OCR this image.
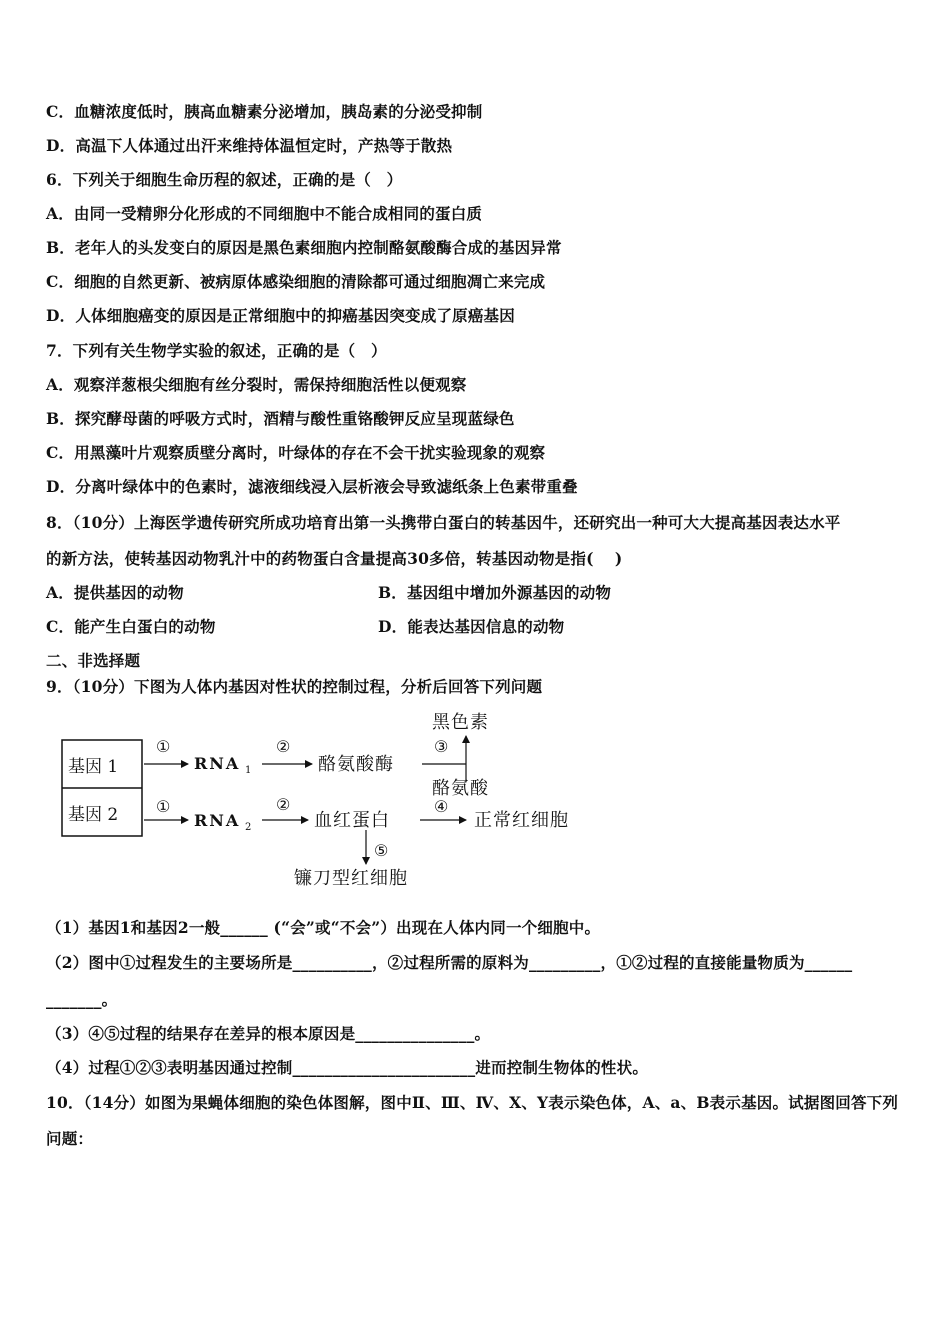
C．血糖浓度低时，胰高血糖素分泌增加，胰岛素的分泌受抑制
D．高温下人体通过出汗来维持体温恒定时，产热等于散热
6．下列关于细胞生命历程的叙述，正确的是（　）
A．由同一受精卵分化形成的不同细胞中不能合成相同的蛋白质
B．老年人的头发变白的原因是黑色素细胞内控制酪氨酸酶合成的基因异常
C．细胞的自然更新、被病原体感染细胞的清除都可通过细胞凋亡来完成
D．人体细胞癌变的原因是正常细胞中的抑癌基因突变成了原癌基因
7．下列有关生物学实验的叙述，正确的是（　）
A．观察洋葱根尖细胞有丝分裂时，需保持细胞活性以便观察
B．探究酵母菌的呼吸方式时，酒精与酸性重铬酸钾反应呈现蓝绿色
C．用黑藻叶片观察质壁分离时，叶绿体的存在不会干扰实验现象的观察
D．分离叶绿体中的色素时，滤液细线浸入层析液会导致滤纸条上色素带重叠
8．（10分）上海医学遗传研究所成功培育出第一头携带白蛋白的转基因牛，还研究出一种可大大提高基因表达水平
的新方法，使转基因动物乳汁中的药物蛋白含量提高30多倍，转基因动物是指(　 )
A．提供基因的动物	B．基因组中增加外源基因的动物
C．能产生白蛋白的动物	D．能表达基因信息的动物
二、非选择题
9．（10分）下图为人体内基因对性状的控制过程，分析后回答下列问题
基因 1
基因 2
①
RNA 1
②
酪氨酸酶
黑色素
③
酪氨酸
①
RNA 2
②
血红蛋白
④
正常红细胞
⑤
镰刀型红细胞
（1）基因1和基因2一般______ (“会”或“不会”）出现在人体内同一个细胞中。
（2）图中①过程发生的主要场所是__________，②过程所需的原料为_________，①②过程的直接能量物质为______
_______。
（3）④⑤过程的结果存在差异的根本原因是_______________。
（4）过程①②③表明基因通过控制_______________________进而控制生物体的性状。
10．（14分）如图为果蝇体细胞的染色体图解，图中Ⅱ、Ⅲ、Ⅳ、X、Y表示染色体，A、a、B表示基因。试据图回答下列
问题：
